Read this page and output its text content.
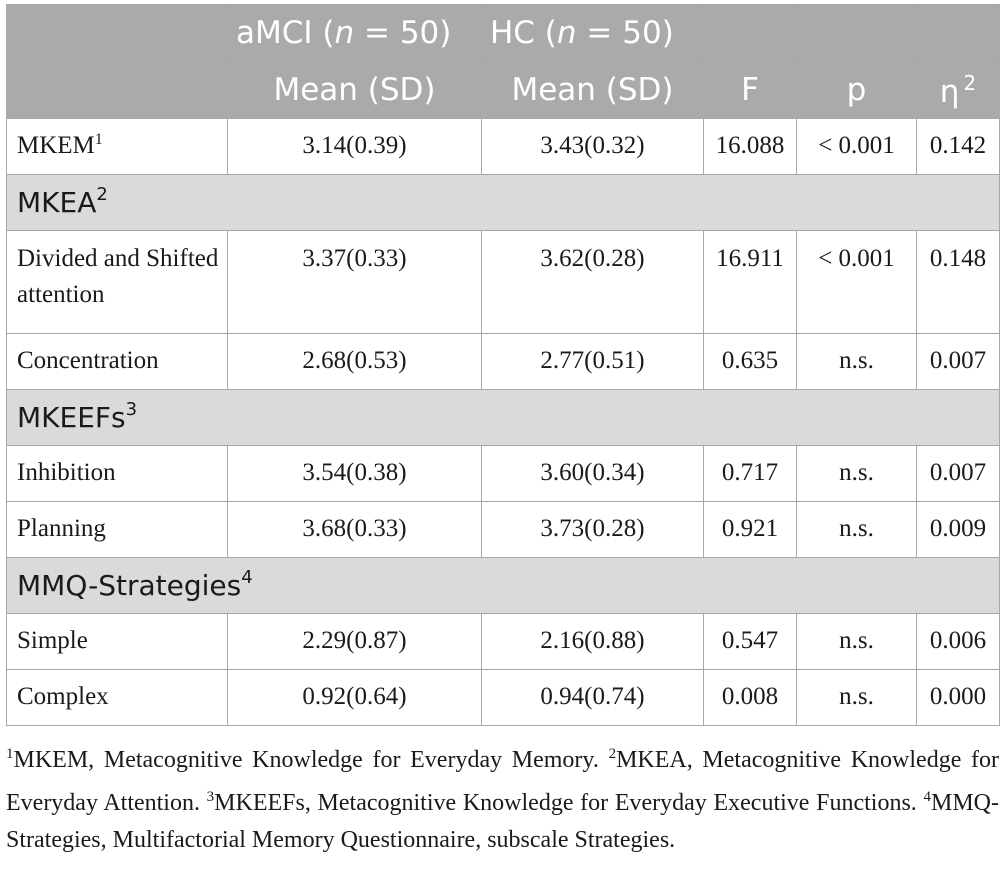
	aMCI (n = 50)	HC (n = 50)			
	Mean (SD)	Mean (SD)	F	p	η $^2$
MKEM$^1$	3.14(0.39)	3.43(0.32)	16.088	< 0.001	0.142
MKEA$^2$
Divided and Shifted attention	3.37(0.33)	3.62(0.28)	16.911	< 0.001	0.148
Concentration	2.68(0.53)	2.77(0.51)	0.635	n.s.	0.007
MKEEFs$^3$
Inhibition	3.54(0.38)	3.60(0.34)	0.717	n.s.	0.007
Planning	3.68(0.33)	3.73(0.28)	0.921	n.s.	0.009
MMQ-Strategies$^4$
Simple	2.29(0.87)	2.16(0.88)	0.547	n.s.	0.006
Complex	0.92(0.64)	0.94(0.74)	0.008	n.s.	0.000
$^1$MKEM, Metacognitive Knowledge for Everyday Memory. $^2$MKEA, Metacognitive Knowledge for Everyday Attention. $^3$MKEEFs, Metacognitive Knowledge for Everyday Executive Functions. $^4$MMQ-Strategies, Multifactorial Memory Questionnaire, subscale Strategies.
